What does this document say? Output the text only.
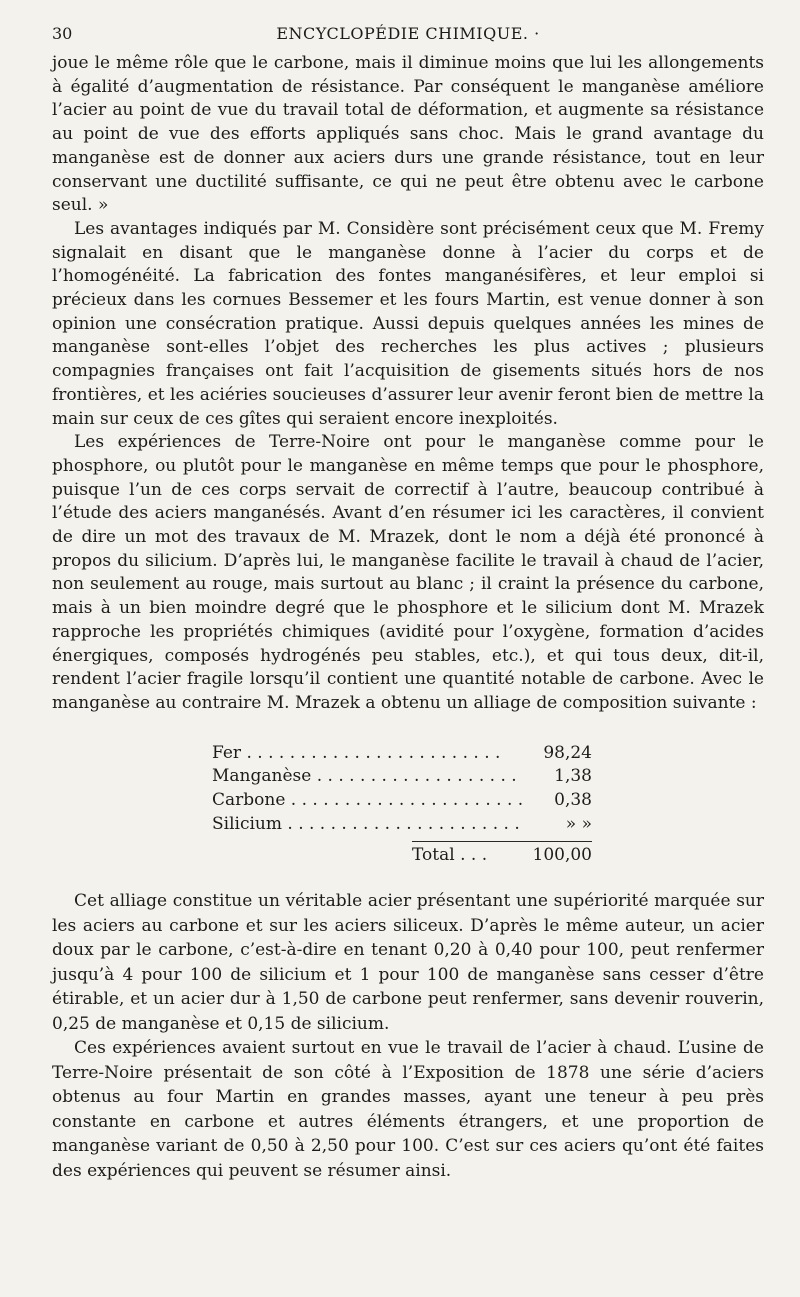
30	ENCYCLOPÉDIE CHIMIQUE. ·

joue le même rôle que le carbone, mais il diminue moins que lui les allongements à égalité d’augmentation de résistance. Par conséquent le manganèse améliore l’acier au point de vue du travail total de déformation, et augmente sa résistance au point de vue des efforts appliqués sans choc. Mais le grand avantage du manganèse est de donner aux aciers durs une grande résistance, tout en leur conservant une ductilité suffisante, ce qui ne peut être obtenu avec le carbone seul. »

Les avantages indiqués par M. Considère sont précisément ceux que M. Fremy signalait en disant que le manganèse donne à l’acier du corps et de l’homogénéité. La fabrication des fontes manganésifères, et leur emploi si précieux dans les cornues Bessemer et les fours Martin, est venue donner à son opinion une consécration pratique. Aussi depuis quelques années les mines de manganèse sont-elles l’objet des recherches les plus actives ; plusieurs compagnies françaises ont fait l’acquisition de gisements situés hors de nos frontières, et les aciéries soucieuses d’assurer leur avenir feront bien de mettre la main sur ceux de ces gîtes qui seraient encore inexploités.

Les expériences de Terre-Noire ont pour le manganèse comme pour le phosphore, ou plutôt pour le manganèse en même temps que pour le phosphore, puisque l’un de ces corps servait de correctif à l’autre, beaucoup contribué à l’étude des aciers manganésés. Avant d’en résumer ici les caractères, il convient de dire un mot des travaux de M. Mrazek, dont le nom a déjà été prononcé à propos du silicium. D’après lui, le manganèse facilite le travail à chaud de l’acier, non seulement au rouge, mais surtout au blanc ; il craint la présence du carbone, mais à un bien moindre degré que le phosphore et le silicium dont M. Mrazek rapproche les propriétés chimiques (avidité pour l’oxygène, formation d’acides énergiques, composés hydrogénés peu stables, etc.), et qui tous deux, dit-il, rendent l’acier fragile lorsqu’il contient une quantité notable de carbone. Avec le manganèse au contraire M. Mrazek a obtenu un alliage de composition suivante :

Fer . . .	98,24
Manganèse . . .	1,38
Carbone . . .	0,38
Silicium . . .	» »
Total . . .	100,00

Cet alliage constitue un véritable acier présentant une supériorité marquée sur les aciers au carbone et sur les aciers siliceux. D’après le même auteur, un acier doux par le carbone, c’est-à-dire en tenant 0,20 à 0,40 pour 100, peut renfermer jusqu’à 4 pour 100 de silicium et 1 pour 100 de manganèse sans cesser d’être étirable, et un acier dur à 1,50 de carbone peut renfermer, sans devenir rouverin, 0,25 de manganèse et 0,15 de silicium.

Ces expériences avaient surtout en vue le travail de l’acier à chaud. L’usine de Terre-Noire présentait de son côté à l’Exposition de 1878 une série d’aciers obtenus au four Martin en grandes masses, ayant une teneur à peu près constante en carbone et autres éléments étrangers, et une proportion de manganèse variant de 0,50 à 2,50 pour 100. C’est sur ces aciers qu’ont été faites des expériences qui peuvent se résumer ainsi.
